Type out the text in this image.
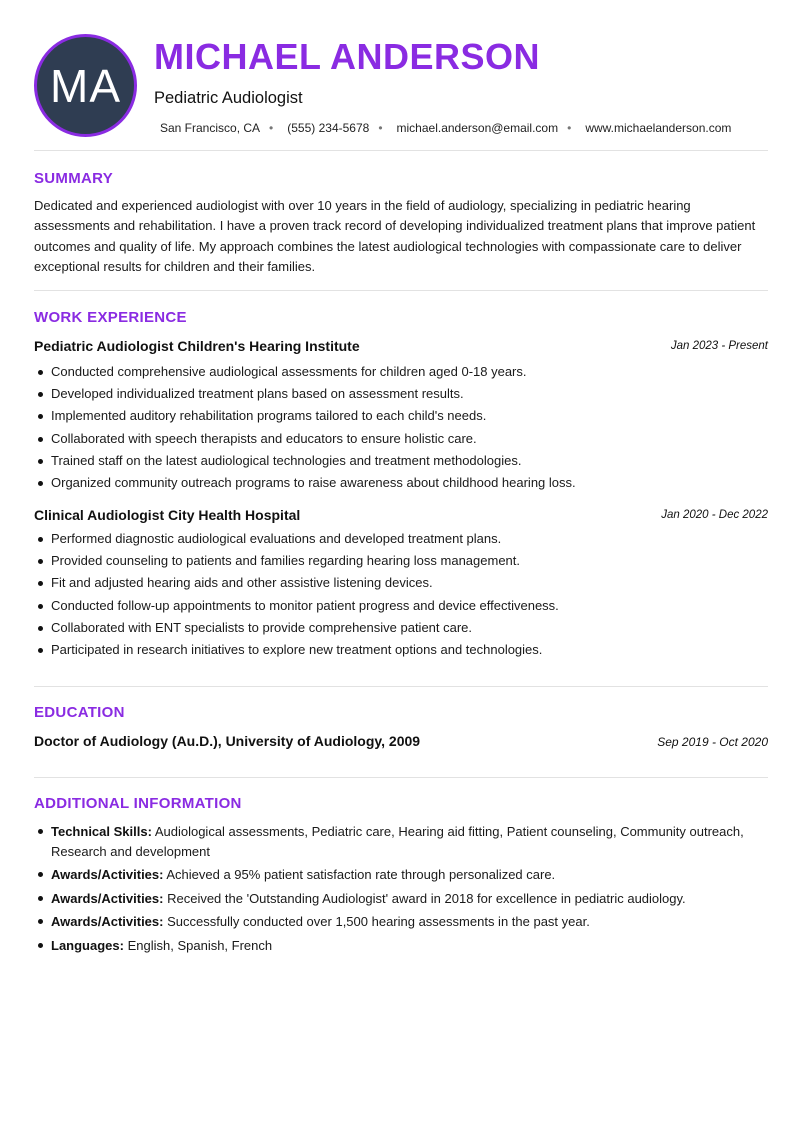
MA
MICHAEL ANDERSON
Pediatric Audiologist
San Francisco, CA • (555) 234-5678 • michael.anderson@email.com • www.michaelanderson.com
SUMMARY
Dedicated and experienced audiologist with over 10 years in the field of audiology, specializing in pediatric hearing assessments and rehabilitation. I have a proven track record of developing individualized treatment plans that improve patient outcomes and quality of life. My approach combines the latest audiological technologies with compassionate care to deliver exceptional results for children and their families.
WORK EXPERIENCE
Pediatric Audiologist Children's Hearing Institute	Jan 2023 - Present
Conducted comprehensive audiological assessments for children aged 0-18 years.
Developed individualized treatment plans based on assessment results.
Implemented auditory rehabilitation programs tailored to each child's needs.
Collaborated with speech therapists and educators to ensure holistic care.
Trained staff on the latest audiological technologies and treatment methodologies.
Organized community outreach programs to raise awareness about childhood hearing loss.
Clinical Audiologist City Health Hospital	Jan 2020 - Dec 2022
Performed diagnostic audiological evaluations and developed treatment plans.
Provided counseling to patients and families regarding hearing loss management.
Fit and adjusted hearing aids and other assistive listening devices.
Conducted follow-up appointments to monitor patient progress and device effectiveness.
Collaborated with ENT specialists to provide comprehensive patient care.
Participated in research initiatives to explore new treatment options and technologies.
EDUCATION
Doctor of Audiology (Au.D.), University of Audiology, 2009	Sep 2019 - Oct 2020
ADDITIONAL INFORMATION
Technical Skills: Audiological assessments, Pediatric care, Hearing aid fitting, Patient counseling, Community outreach, Research and development
Awards/Activities: Achieved a 95% patient satisfaction rate through personalized care.
Awards/Activities: Received the 'Outstanding Audiologist' award in 2018 for excellence in pediatric audiology.
Awards/Activities: Successfully conducted over 1,500 hearing assessments in the past year.
Languages: English, Spanish, French
